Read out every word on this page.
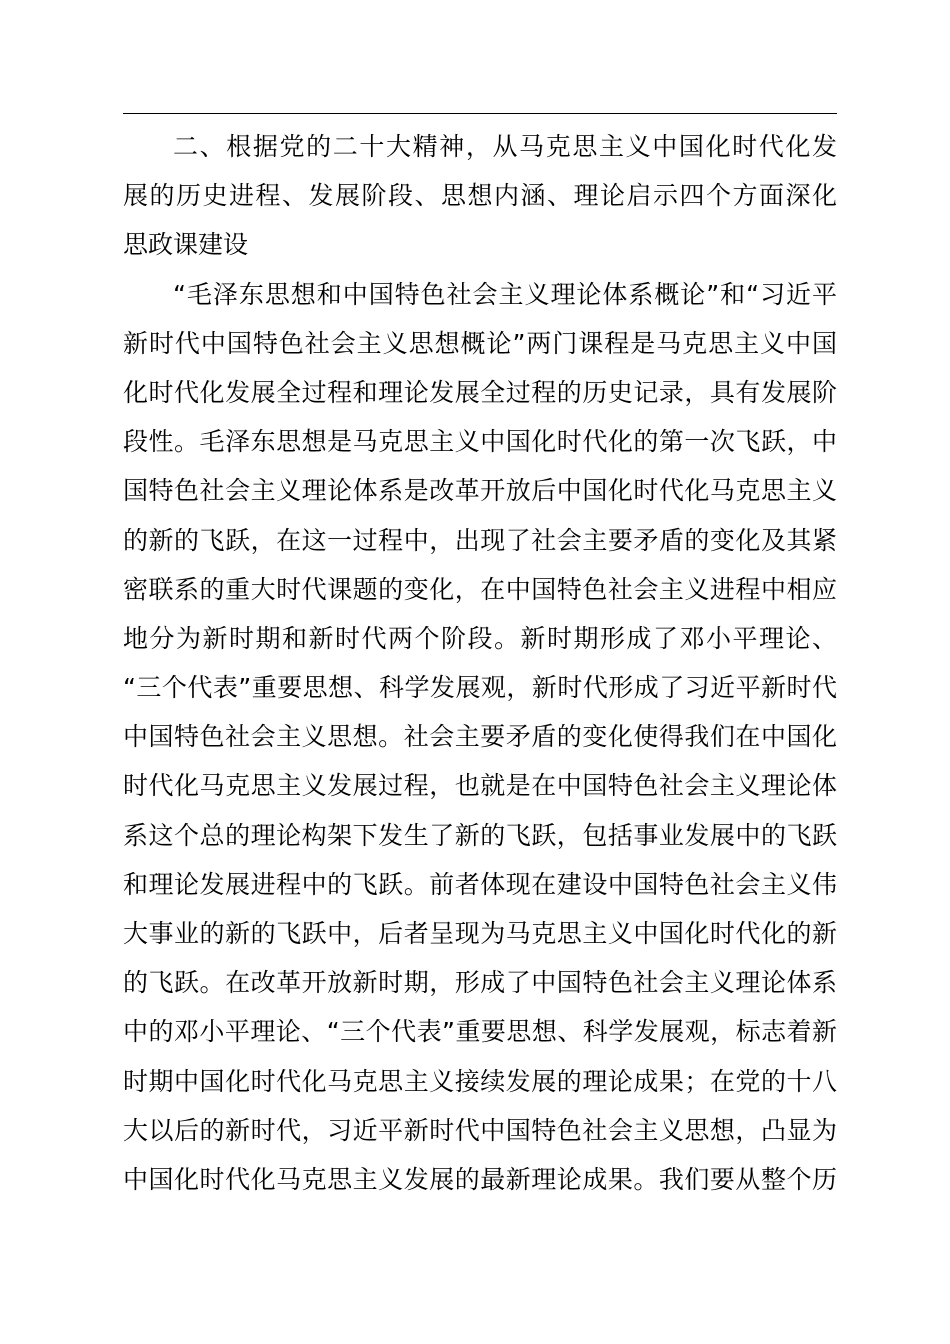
二、根据党的二十大精神，从马克思主义中国化时代化发
展的历史进程、发展阶段、思想内涵、理论启示四个方面深化
思政课建设
“毛泽东思想和中国特色社会主义理论体系概论”和“习近平
新时代中国特色社会主义思想概论”两门课程是马克思主义中国
化时代化发展全过程和理论发展全过程的历史记录，具有发展阶
段性。毛泽东思想是马克思主义中国化时代化的第一次飞跃，中
国特色社会主义理论体系是改革开放后中国化时代化马克思主义
的新的飞跃，在这一过程中，出现了社会主要矛盾的变化及其紧
密联系的重大时代课题的变化，在中国特色社会主义进程中相应
地分为新时期和新时代两个阶段。新时期形成了邓小平理论、
“三个代表”重要思想、科学发展观，新时代形成了习近平新时代
中国特色社会主义思想。社会主要矛盾的变化使得我们在中国化
时代化马克思主义发展过程，也就是在中国特色社会主义理论体
系这个总的理论构架下发生了新的飞跃，包括事业发展中的飞跃
和理论发展进程中的飞跃。前者体现在建设中国特色社会主义伟
大事业的新的飞跃中，后者呈现为马克思主义中国化时代化的新
的飞跃。在改革开放新时期，形成了中国特色社会主义理论体系
中的邓小平理论、“三个代表”重要思想、科学发展观，标志着新
时期中国化时代化马克思主义接续发展的理论成果；在党的十八
大以后的新时代，习近平新时代中国特色社会主义思想，凸显为
中国化时代化马克思主义发展的最新理论成果。我们要从整个历
